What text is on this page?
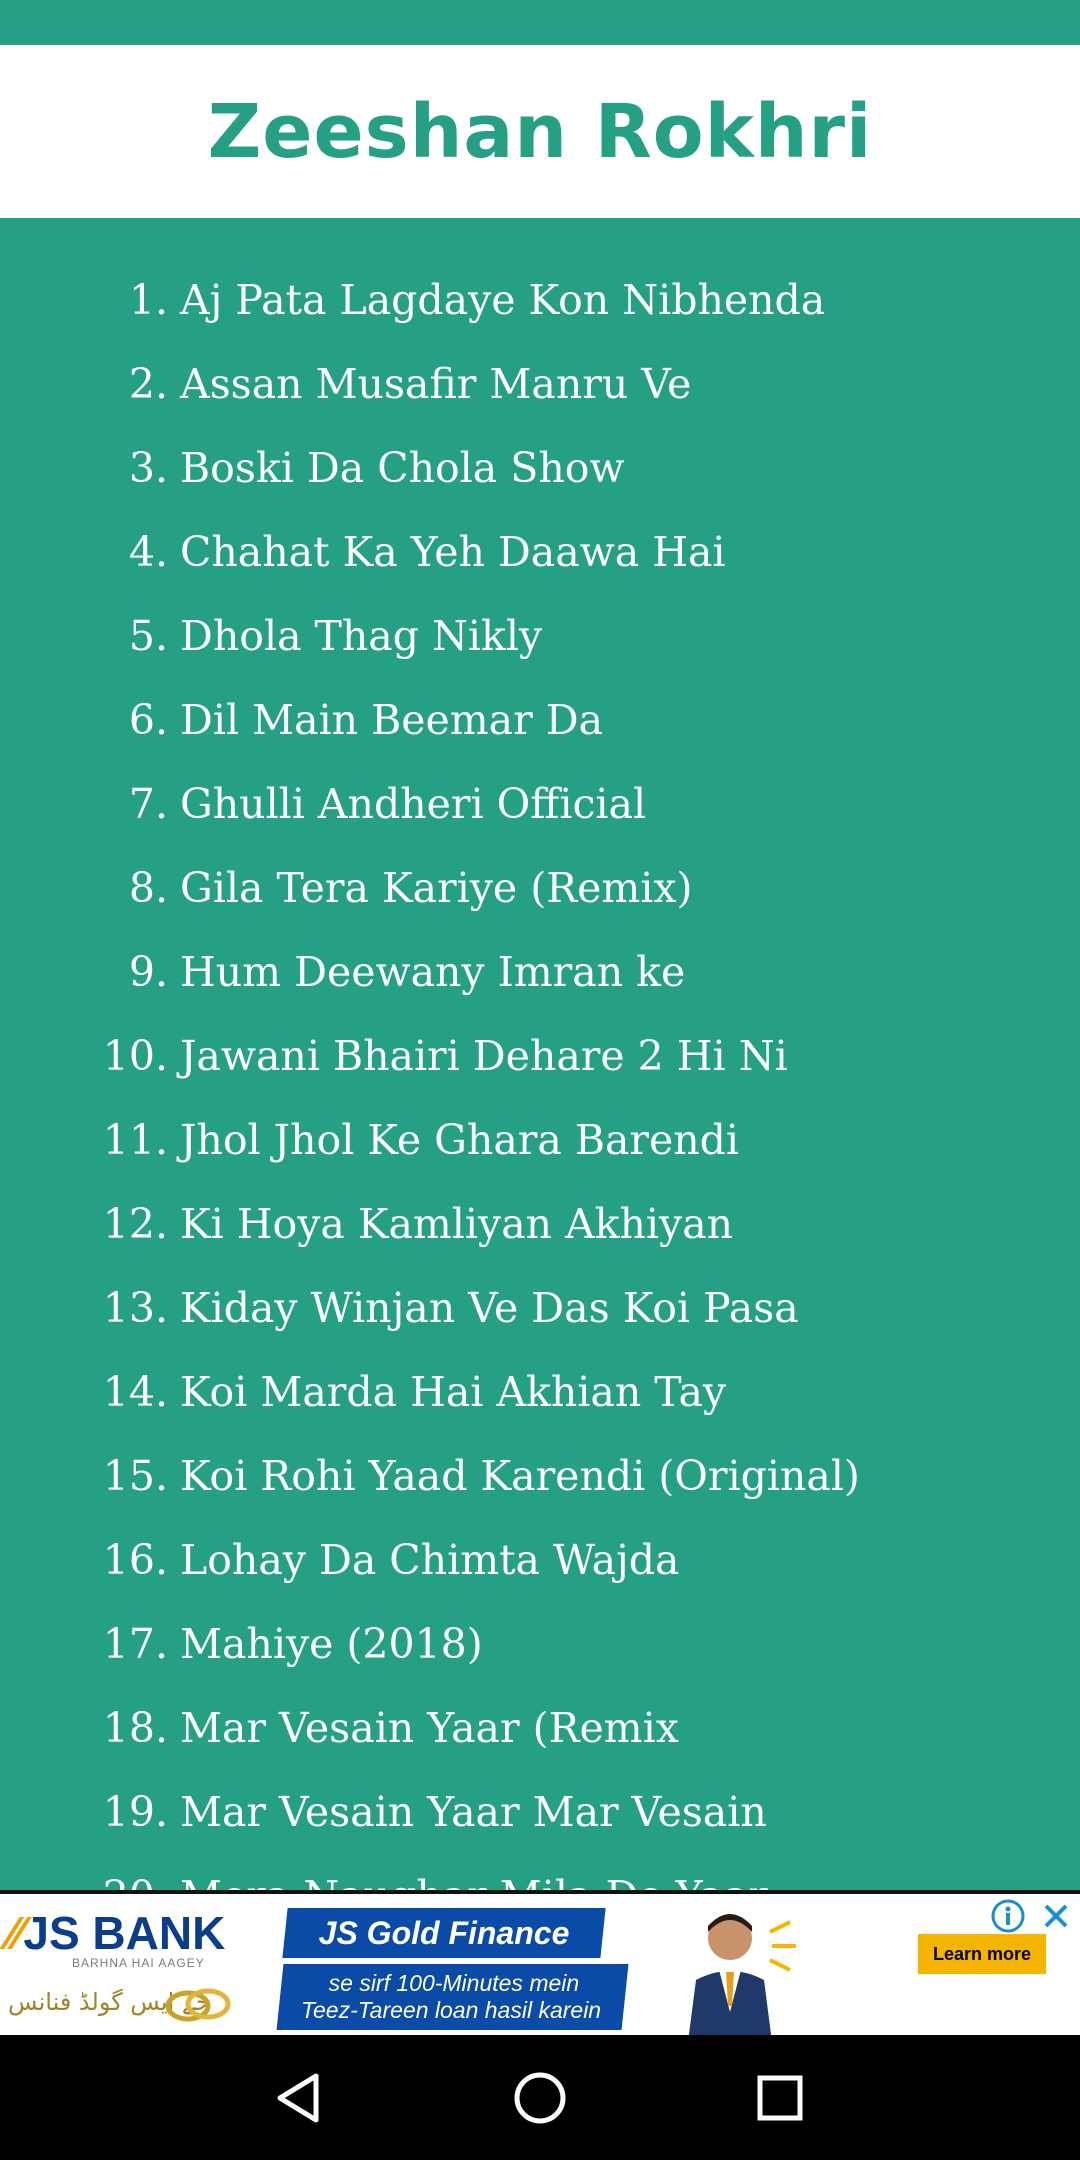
Zeeshan Rokhri
1. Aj Pata Lagdaye Kon Nibhenda
2. Assan Musafir Manru Ve
3. Boski Da Chola Show
4. Chahat Ka Yeh Daawa Hai
5. Dhola Thag Nikly
6. Dil Main Beemar Da
7. Ghulli Andheri Official
8. Gila Tera Kariye (Remix)
9. Hum Deewany Imran ke
10. Jawani Bhairi Dehare 2 Hi Ni
11. Jhol Jhol Ke Ghara Barendi
12. Ki Hoya Kamliyan Akhiyan
13. Kiday Winjan Ve Das Koi Pasa
14. Koi Marda Hai Akhian Tay
15. Koi Rohi Yaad Karendi (Original)
16. Lohay Da Chimta Wajda
17. Mahiye (2018)
18. Mar Vesain Yaar (Remix
19. Mar Vesain Yaar Mar Vesain
⁄⁄JS BANK
BARHNA HAI AAGEY
جے ایس گولڈ فنانس
JS Gold Finance
se sirf 100-Minutes mein
Teez-Tareen loan hasil karein
Learn more
